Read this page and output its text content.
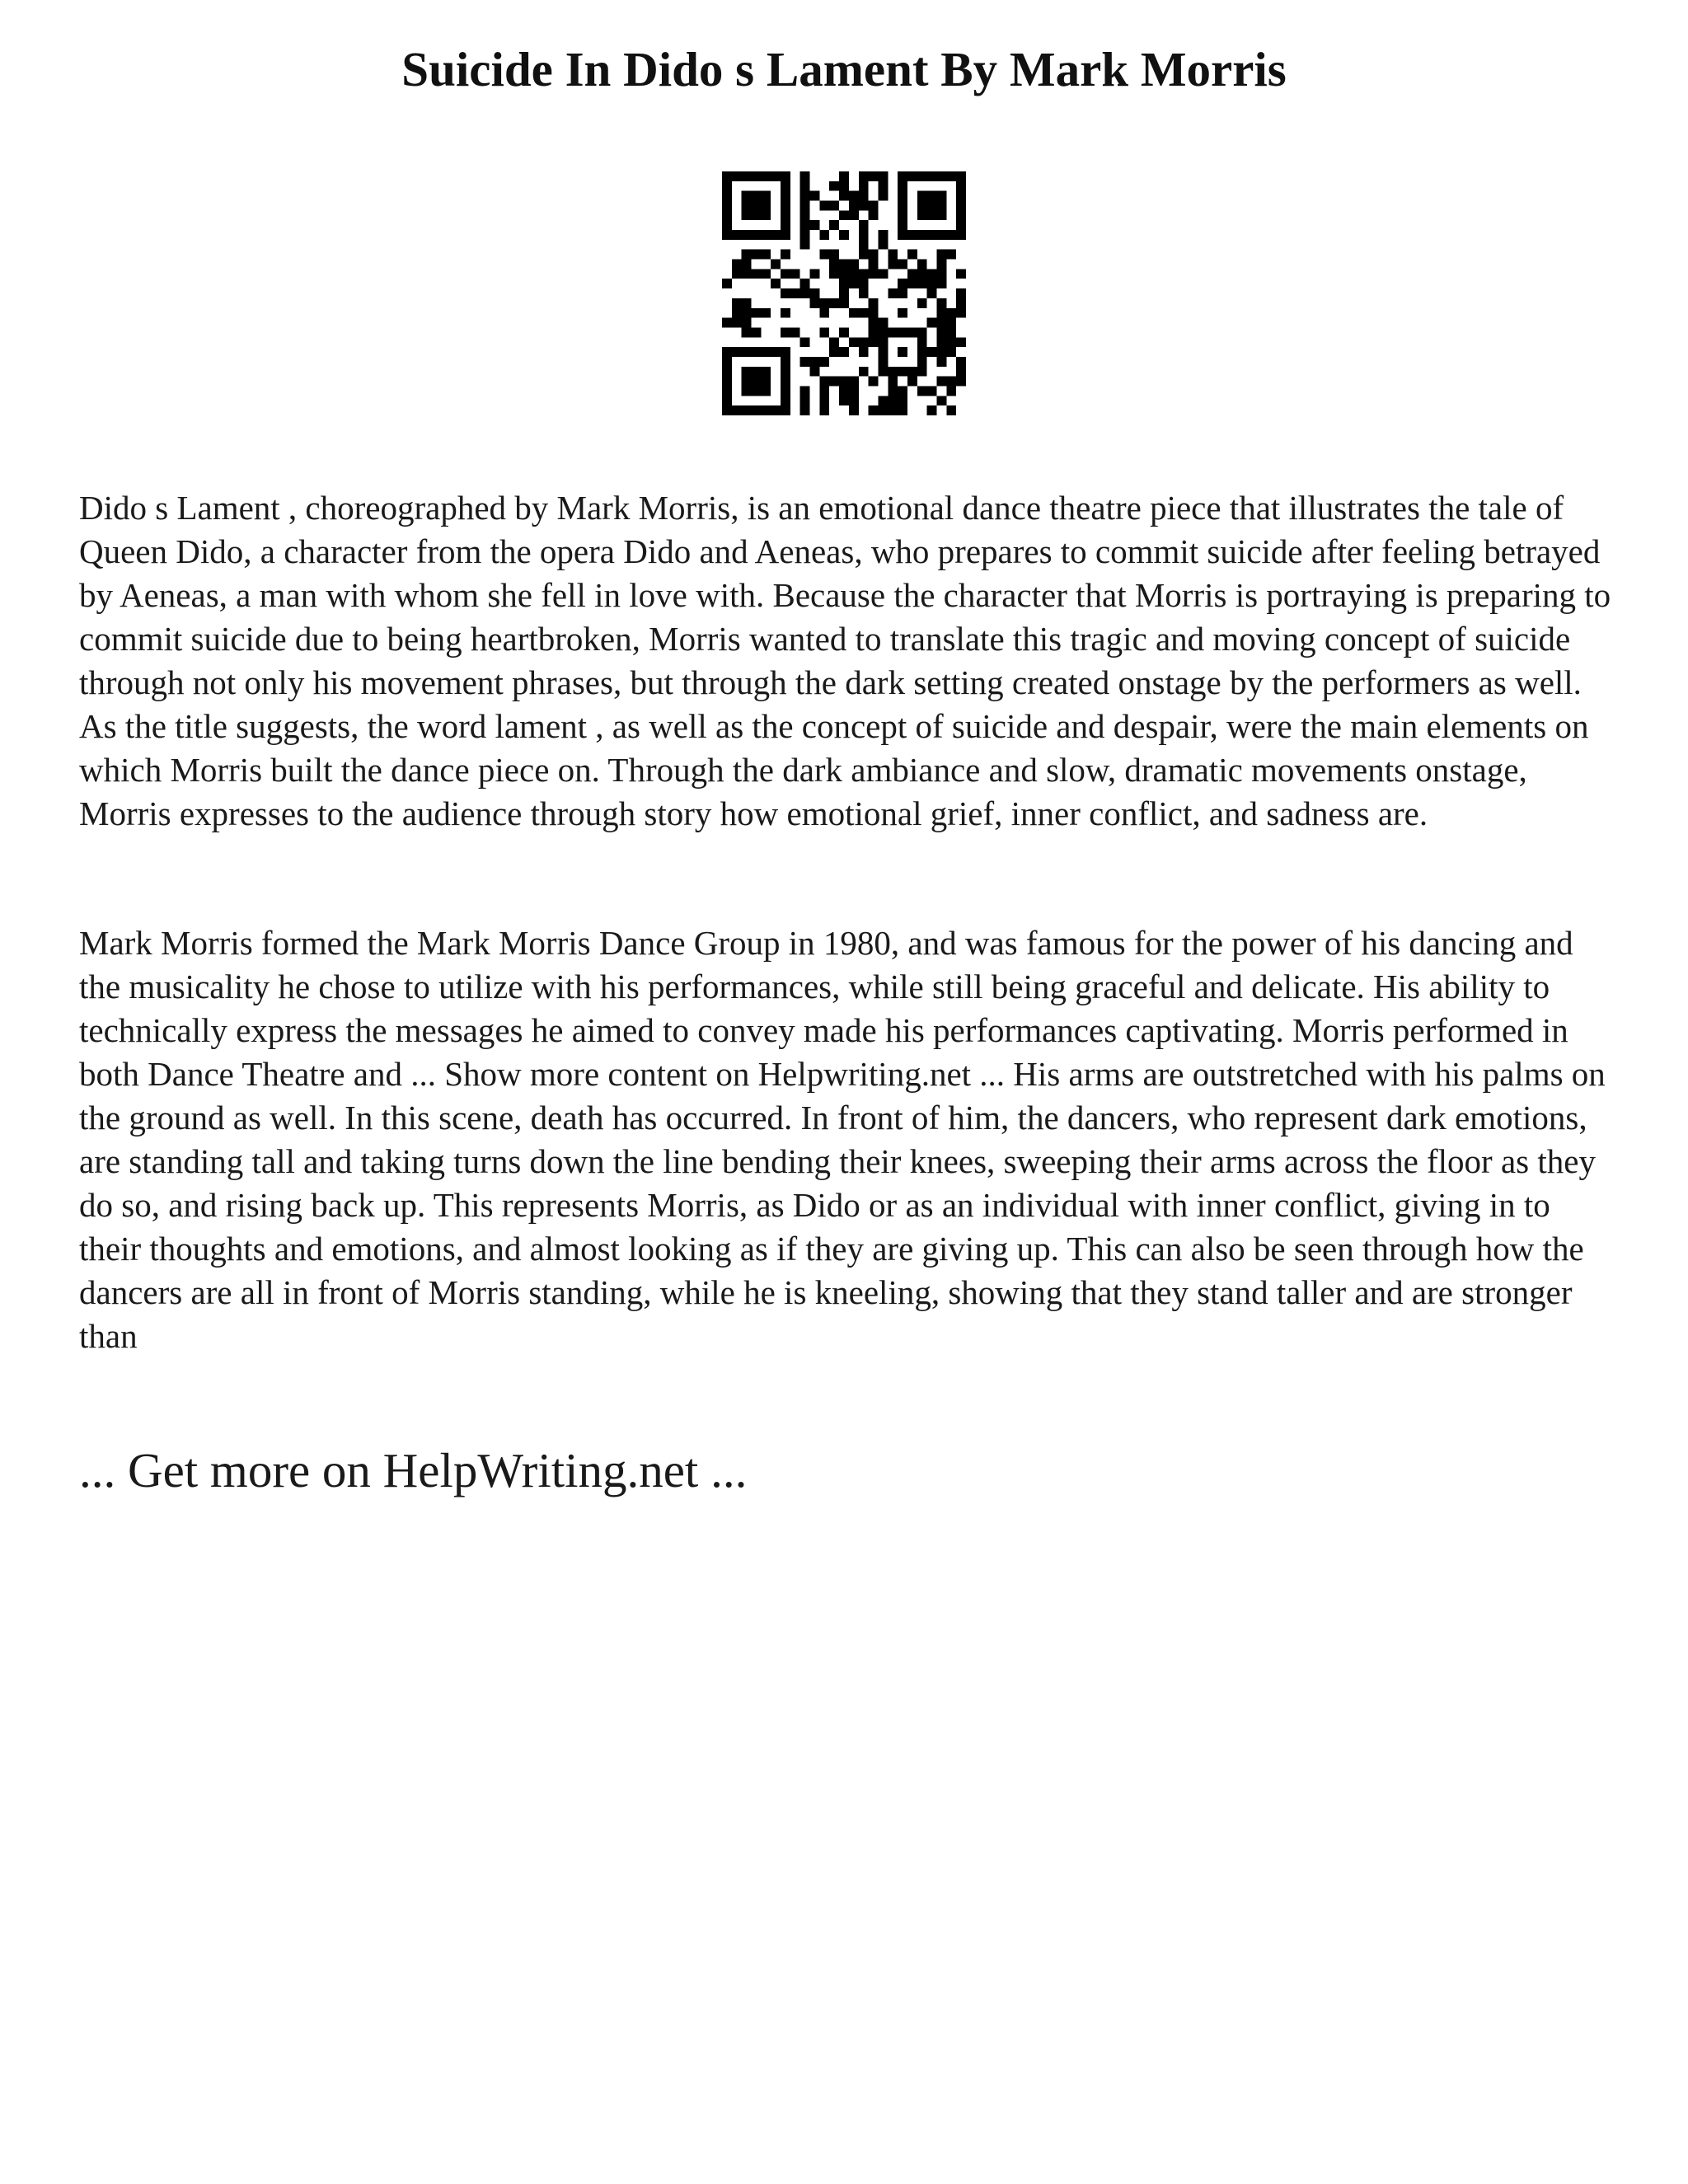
Suicide In Dido s Lament By Mark Morris

Dido s Lament , choreographed by Mark Morris, is an emotional dance theatre piece that illustrates the tale of Queen Dido, a character from the opera Dido and Aeneas, who prepares to commit suicide after feeling betrayed by Aeneas, a man with whom she fell in love with. Because the character that Morris is portraying is preparing to commit suicide due to being heartbroken, Morris wanted to translate this tragic and moving concept of suicide through not only his movement phrases, but through the dark setting created onstage by the performers as well. As the title suggests, the word lament , as well as the concept of suicide and despair, were the main elements on which Morris built the dance piece on. Through the dark ambiance and slow, dramatic movements onstage, Morris expresses to the audience through story how emotional grief, inner conflict, and sadness are.

Mark Morris formed the Mark Morris Dance Group in 1980, and was famous for the power of his dancing and the musicality he chose to utilize with his performances, while still being graceful and delicate. His ability to technically express the messages he aimed to convey made his performances captivating. Morris performed in both Dance Theatre and ... Show more content on Helpwriting.net ... His arms are outstretched with his palms on the ground as well. In this scene, death has occurred. In front of him, the dancers, who represent dark emotions, are standing tall and taking turns down the line bending their knees, sweeping their arms across the floor as they do so, and rising back up. This represents Morris, as Dido or as an individual with inner conflict, giving in to their thoughts and emotions, and almost looking as if they are giving up. This can also be seen through how the dancers are all in front of Morris standing, while he is kneeling, showing that they stand taller and are stronger than

... Get more on HelpWriting.net ...
